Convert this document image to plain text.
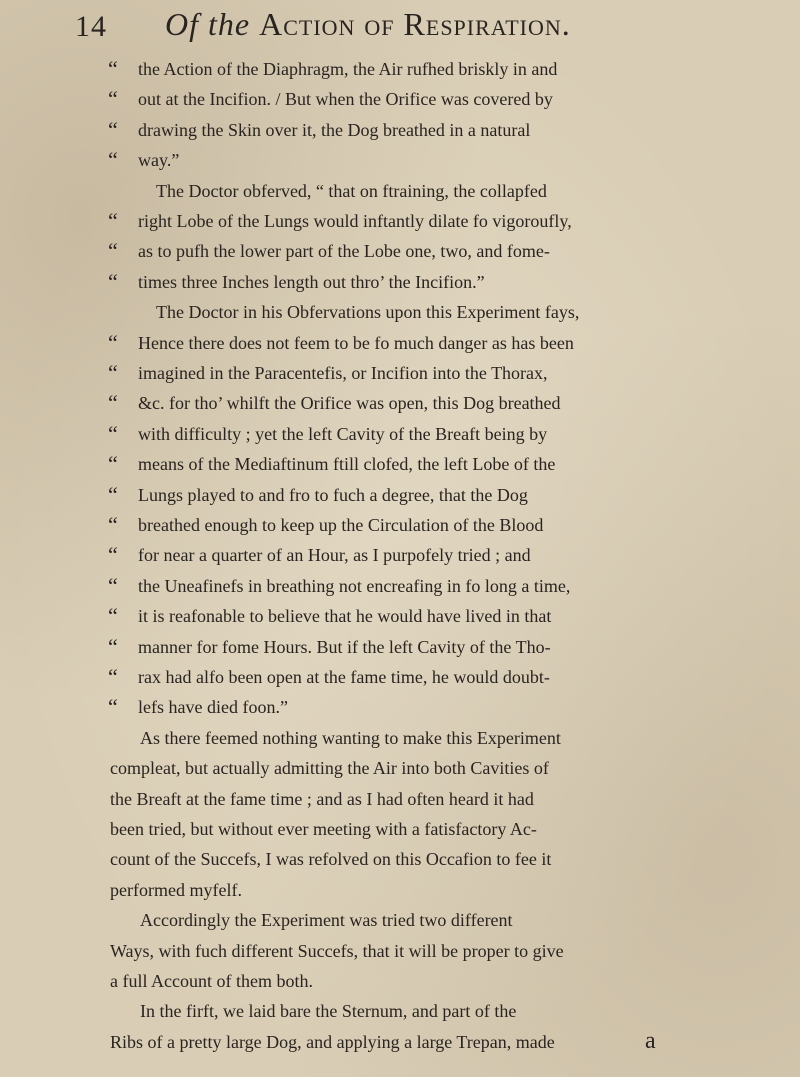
14 Of the Action of Respiration.
“	the Action of the Diaphragm, the Air rufhed briskly in and
“	out at the Incifion. / But when the Orifice was covered by
“	drawing the Skin over it, the Dog breathed in a natural
“	way.”
The Doctor obferved, “ that on ftraining, the collapfed
“	right Lobe of the Lungs would inftantly dilate fo vigoroufly,
“	as to pufh the lower part of the Lobe one, two, and fome-
“	times three Inches length out thro’ the Incifion.”
The Doctor in his Obfervations upon this Experiment fays,
“	Hence there does not feem to be fo much danger as has been
“	imagined in the Paracentefis, or Incifion into the Thorax,
“	&c. for tho’ whilft the Orifice was open, this Dog breathed
“	with difficulty ; yet the left Cavity of the Breaft being by
“	means of the Mediaftinum ftill clofed, the left Lobe of the
“	Lungs played to and fro to fuch a degree, that the Dog
“	breathed enough to keep up the Circulation of the Blood
“	for near a quarter of an Hour, as I purpofely tried ; and
“	the Uneafinefs in breathing not encreafing in fo long a time,
“	it is reafonable to believe that he would have lived in that
“	manner for fome Hours. But if the left Cavity of the Tho-
“	rax had alfo been open at the fame time, he would doubt-
“	lefs have died foon.”
As there feemed nothing wanting to make this Experiment
compleat, but actually admitting the Air into both Cavities of
the Breaft at the fame time ; and as I had often heard it had
been tried, but without ever meeting with a fatisfactory Ac-
count of the Succefs, I was refolved on this Occafion to fee it
performed myfelf.
Accordingly the Experiment was tried two different
Ways, with fuch different Succefs, that it will be proper to give
a full Account of them both.
In the firft, we laid bare the Sternum, and part of the
Ribs of a pretty large Dog, and applying a large Trepan, made	a
